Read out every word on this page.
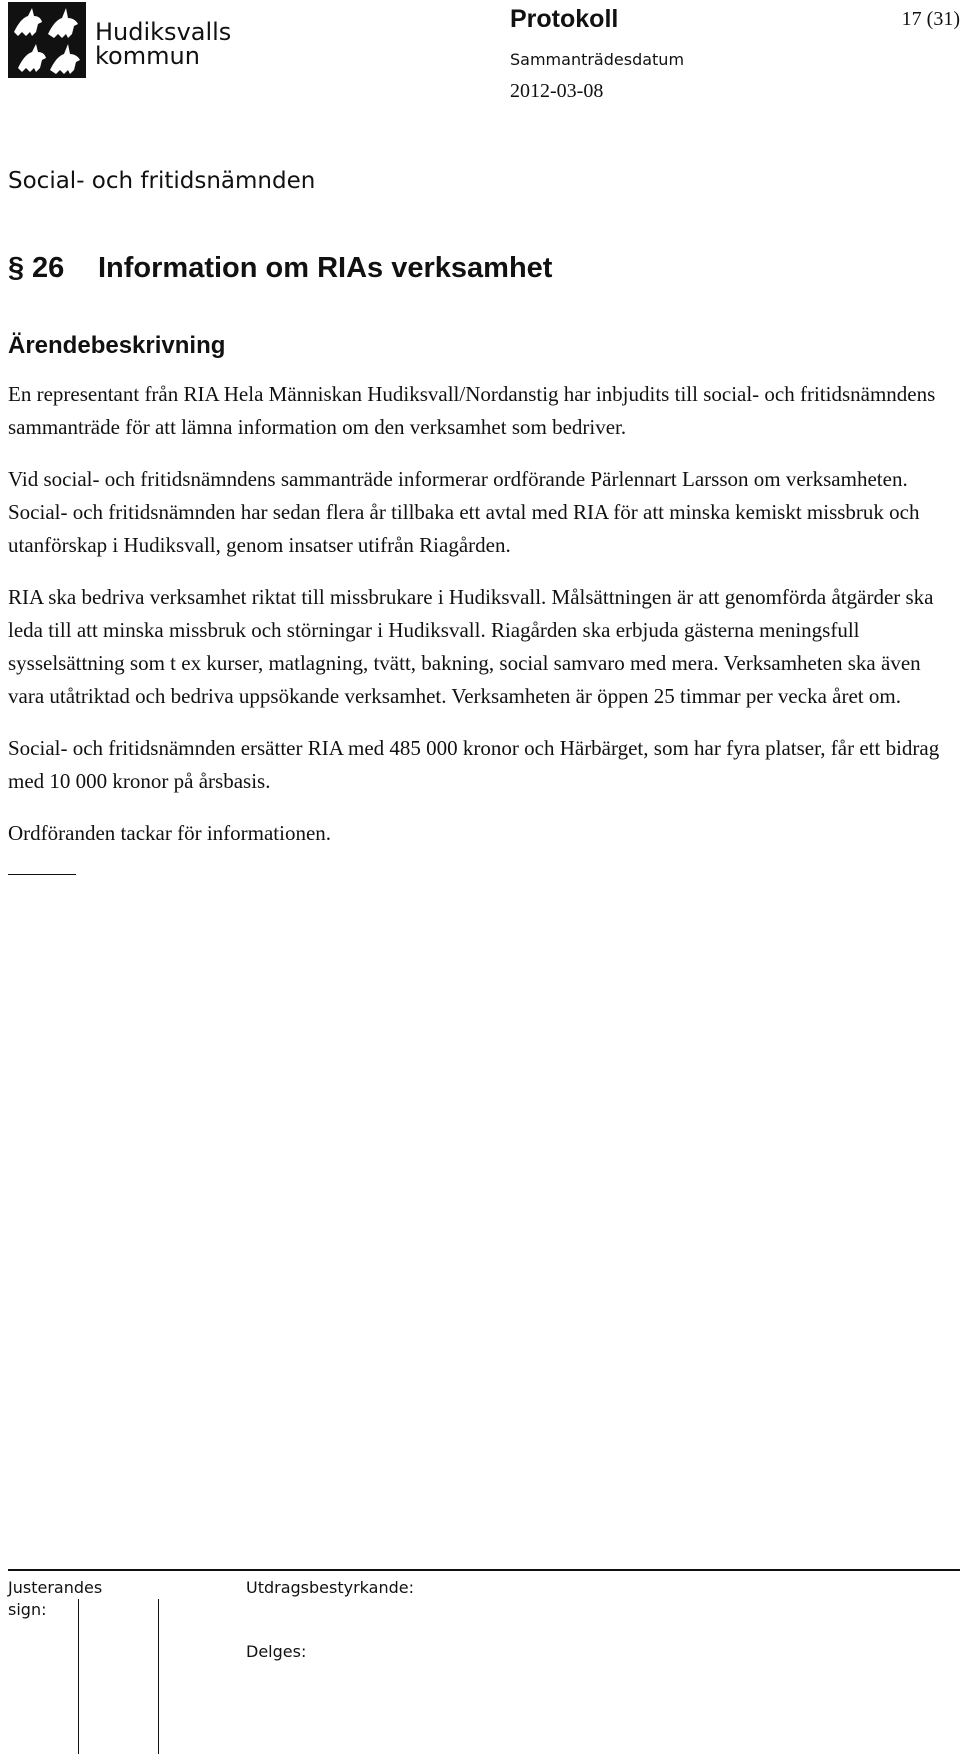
Hudiksvalls
kommun
Protokoll	17 (31)
Sammanträdesdatum
2012-03-08
Social- och fritidsnämnden
§ 26 Information om RIAs verksamhet
Ärendebeskrivning

En representant från RIA Hela Människan Hudiksvall/Nordanstig har inbjudits till social- och fritidsnämndens sammanträde för att lämna information om den verksamhet som bedriver.

Vid social- och fritidsnämndens sammanträde informerar ordförande Pärlennart Larsson om verksamheten. Social- och fritidsnämnden har sedan flera år tillbaka ett avtal med RIA för att minska kemiskt missbruk och utanförskap i Hudiksvall, genom insatser utifrån Riagården.

RIA ska bedriva verksamhet riktat till missbrukare i Hudiksvall. Målsättningen är att genomförda åtgärder ska leda till att minska missbruk och störningar i Hudiksvall. Riagården ska erbjuda gästerna meningsfull sysselsättning som t ex kurser, matlagning, tvätt, bakning, social samvaro med mera. Verksamheten ska även vara utåtriktad och bedriva uppsökande verksamhet. Verksamheten är öppen 25 timmar per vecka året om.

Social- och fritidsnämnden ersätter RIA med 485 000 kronor och Härbärget, som har fyra platser, får ett bidrag med 10 000 kronor på årsbasis.

Ordföranden tackar för informationen.

Justerandes
sign:
Utdragsbestyrkande:
Delges:
